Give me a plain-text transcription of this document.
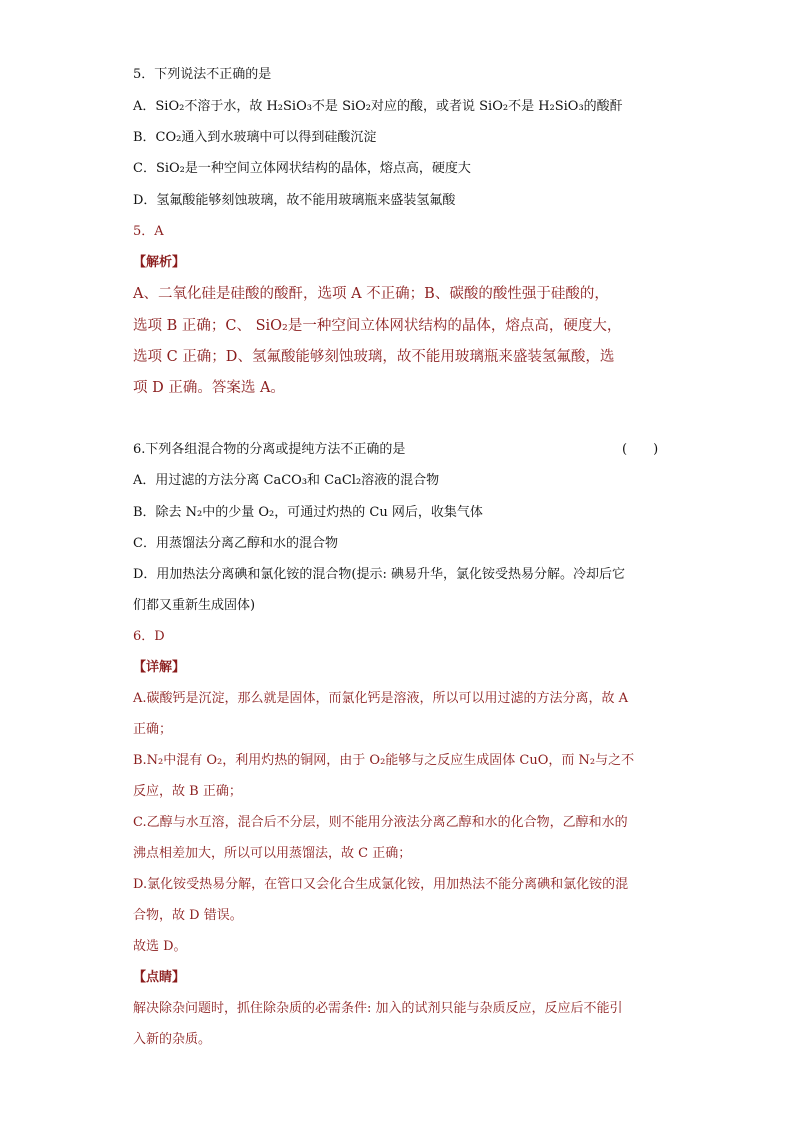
5．下列说法不正确的是
A．SiO₂不溶于水，故 H₂SiO₃不是 SiO₂对应的酸，或者说 SiO₂不是 H₂SiO₃的酸酐
B．CO₂通入到水玻璃中可以得到硅酸沉淀
C．SiO₂是一种空间立体网状结构的晶体，熔点高，硬度大
D．氢氟酸能够刻蚀玻璃，故不能用玻璃瓶来盛装氢氟酸
5．A
【解析】
A、二氧化硅是硅酸的酸酐，选项 A 不正确；B、碳酸的酸性强于硅酸的，
选项 B 正确；C、 SiO₂是一种空间立体网状结构的晶体，熔点高，硬度大，
选项 C 正确；D、氢氟酸能够刻蚀玻璃，故不能用玻璃瓶来盛装氢氟酸，选
项 D 正确。答案选 A。
6.下列各组混合物的分离或提纯方法不正确的是	(　　)
A．用过滤的方法分离 CaCO₃和 CaCl₂溶液的混合物
B．除去 N₂中的少量 O₂，可通过灼热的 Cu 网后，收集气体
C．用蒸馏法分离乙醇和水的混合物
D．用加热法分离碘和氯化铵的混合物(提示: 碘易升华，氯化铵受热易分解。冷却后它
们都又重新生成固体)
6．D
【详解】
A.碳酸钙是沉淀，那么就是固体，而氯化钙是溶液，所以可以用过滤的方法分离，故 A
正确；
B.N₂中混有 O₂，利用灼热的铜网，由于 O₂能够与之反应生成固体 CuO，而 N₂与之不
反应，故 B 正确；
C.乙醇与水互溶，混合后不分层，则不能用分液法分离乙醇和水的化合物，乙醇和水的
沸点相差加大，所以可以用蒸馏法，故 C 正确；
D.氯化铵受热易分解，在管口又会化合生成氯化铵，用加热法不能分离碘和氯化铵的混
合物，故 D 错误。
故选 D。
【点睛】
解决除杂问题时，抓住除杂质的必需条件: 加入的试剂只能与杂质反应，反应后不能引
入新的杂质。
